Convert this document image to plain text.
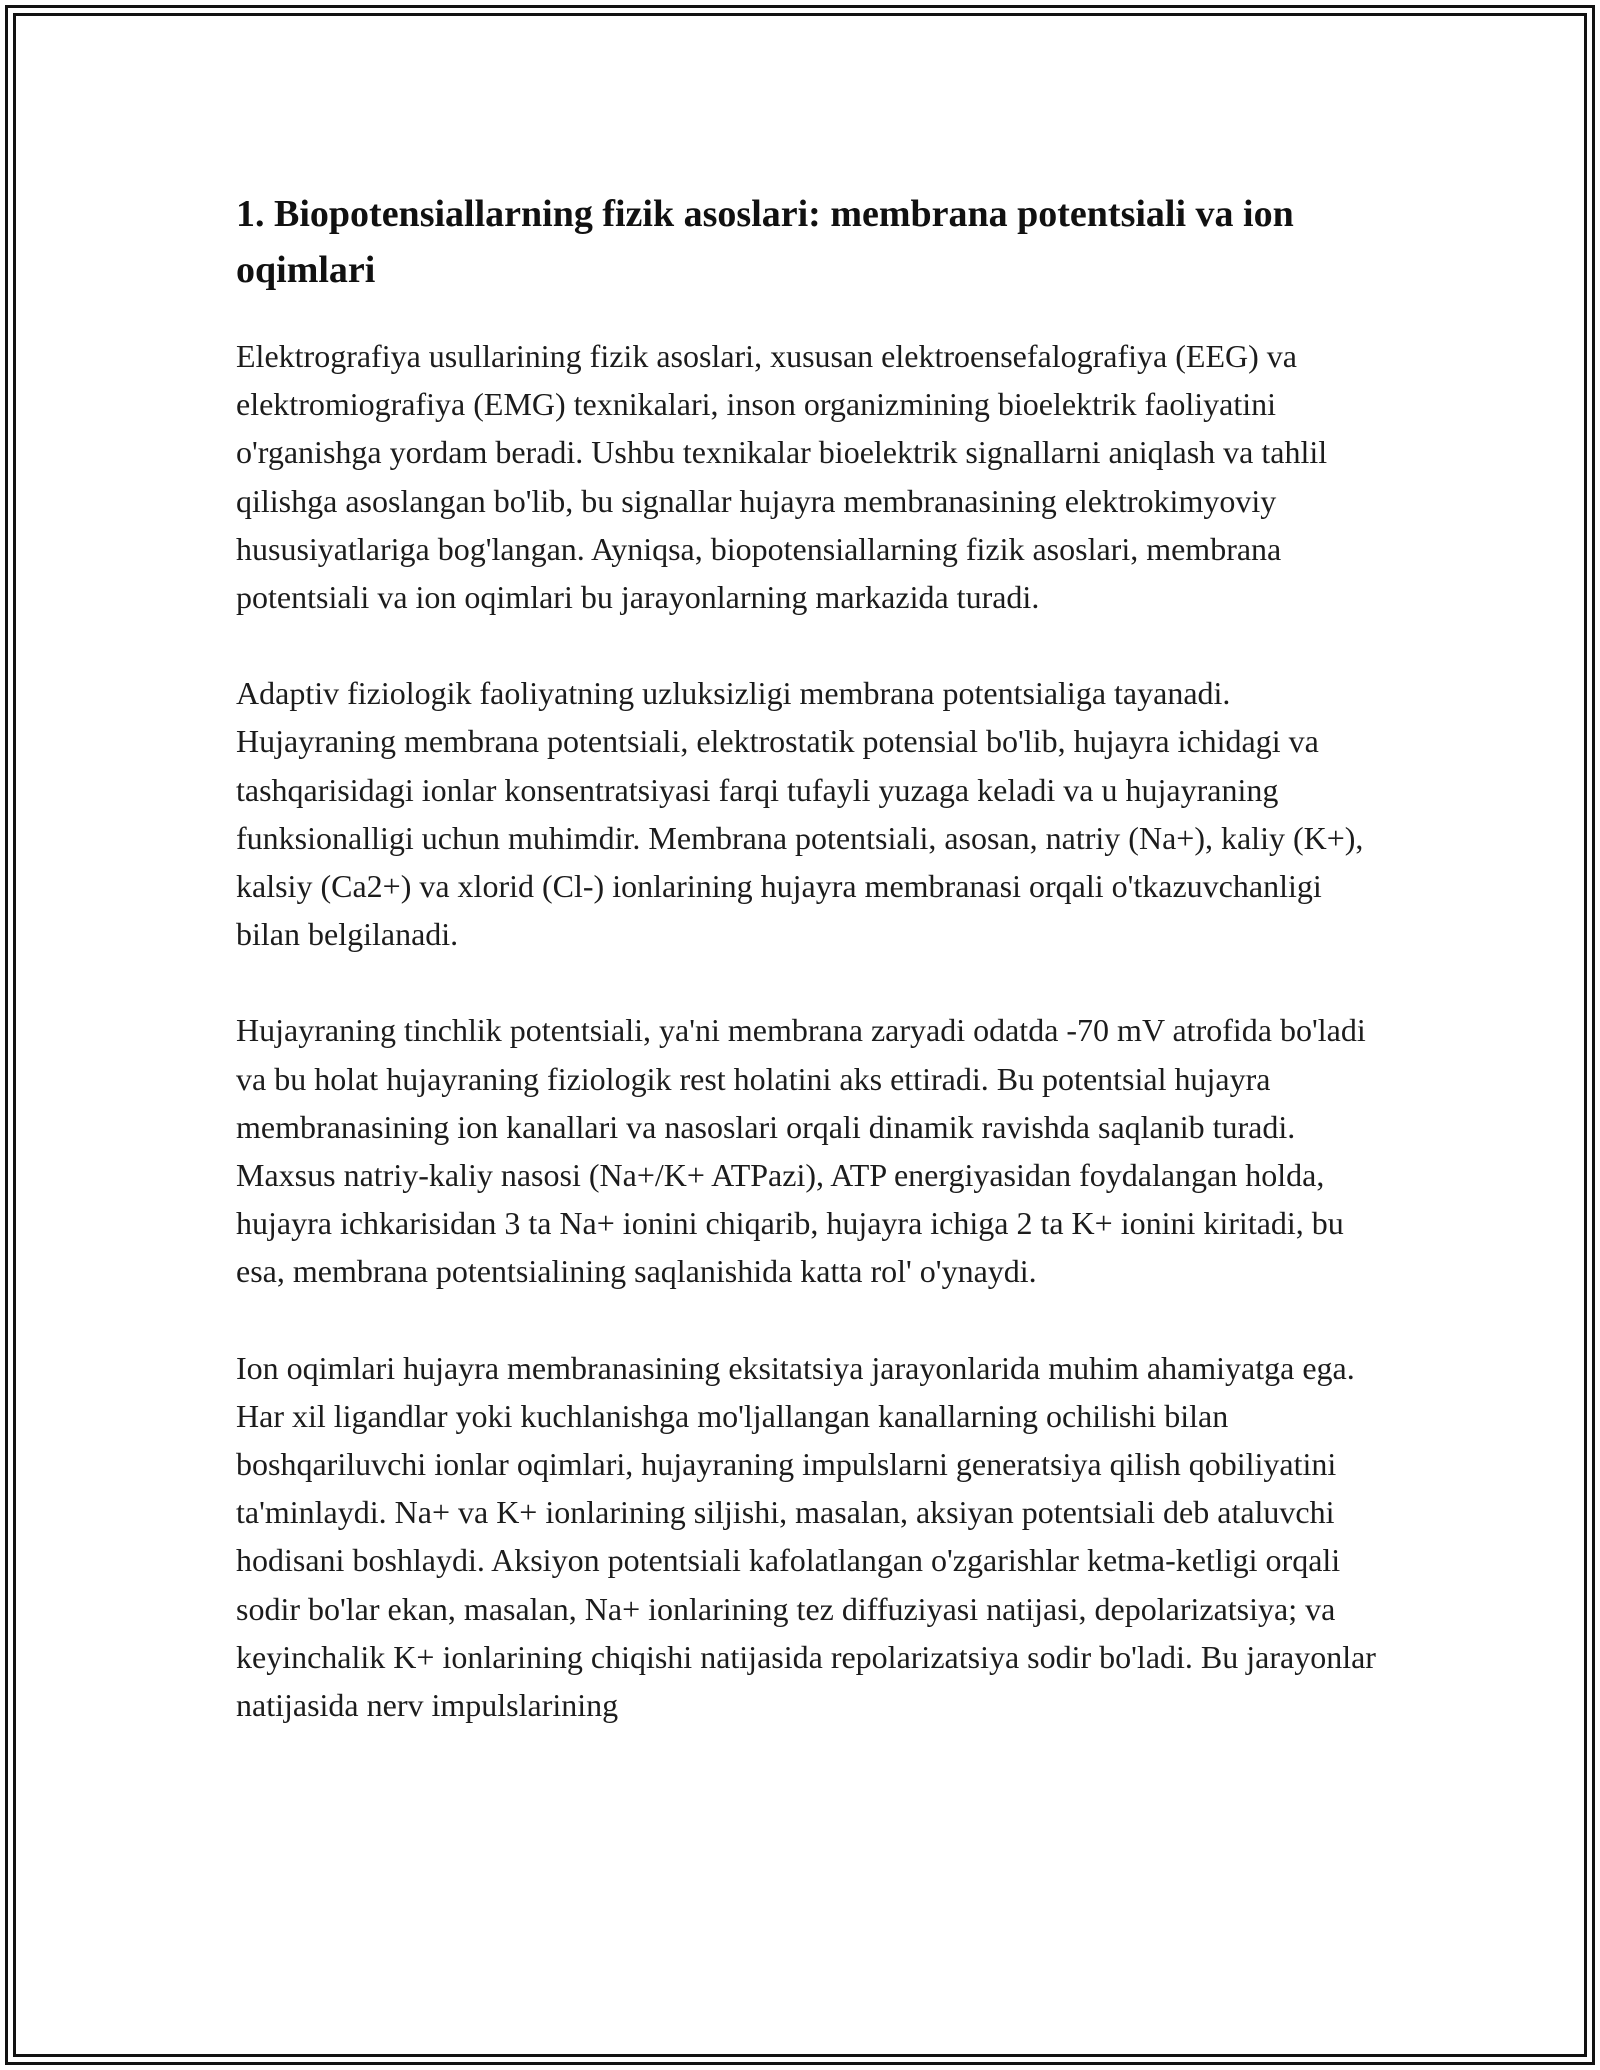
1. Biopotensiallarning fizik asoslari: membrana potentsiali va ion oqimlari

Elektrografiya usullarining fizik asoslari, xususan elektroensefalografiya (EEG) va elektromiografiya (EMG) texnikalari, inson organizmining bioelektrik faoliyatini o'rganishga yordam beradi. Ushbu texnikalar bioelektrik signallarni aniqlash va tahlil qilishga asoslangan bo'lib, bu signallar hujayra membranasining elektrokimyoviy hususiyatlariga bog'langan. Ayniqsa, biopotensiallarning fizik asoslari, membrana potentsiali va ion oqimlari bu jarayonlarning markazida turadi.

Adaptiv fiziologik faoliyatning uzluksizligi membrana potentsialiga tayanadi. Hujayraning membrana potentsiali, elektrostatik potensial bo'lib, hujayra ichidagi va tashqarisidagi ionlar konsentratsiyasi farqi tufayli yuzaga keladi va u hujayraning funksionalligi uchun muhimdir. Membrana potentsiali, asosan, natriy (Na+), kaliy (K+), kalsiy (Ca2+) va xlorid (Cl-) ionlarining hujayra membranasi orqali o'tkazuvchanligi bilan belgilanadi.

Hujayraning tinchlik potentsiali, ya'ni membrana zaryadi odatda -70 mV atrofida bo'ladi va bu holat hujayraning fiziologik rest holatini aks ettiradi. Bu potentsial hujayra membranasining ion kanallari va nasoslari orqali dinamik ravishda saqlanib turadi. Maxsus natriy-kaliy nasosi (Na+/K+ ATPazi), ATP energiyasidan foydalangan holda, hujayra ichkarisidan 3 ta Na+ ionini chiqarib, hujayra ichiga 2 ta K+ ionini kiritadi, bu esa, membrana potentsialining saqlanishida katta rol' o'ynaydi.

Ion oqimlari hujayra membranasining eksitatsiya jarayonlarida muhim ahamiyatga ega. Har xil ligandlar yoki kuchlanishga mo'ljallangan kanallarning ochilishi bilan boshqariluvchi ionlar oqimlari, hujayraning impulslarni generatsiya qilish qobiliyatini ta'minlaydi. Na+ va K+ ionlarining siljishi, masalan, aksiyan potentsiali deb ataluvchi hodisani boshlaydi. Aksiyon potentsiali kafolatlangan o'zgarishlar ketma-ketligi orqali sodir bo'lar ekan, masalan, Na+ ionlarining tez diffuziyasi natijasi, depolarizatsiya; va keyinchalik K+ ionlarining chiqishi natijasida repolarizatsiya sodir bo'ladi. Bu jarayonlar natijasida nerv impulslarining
